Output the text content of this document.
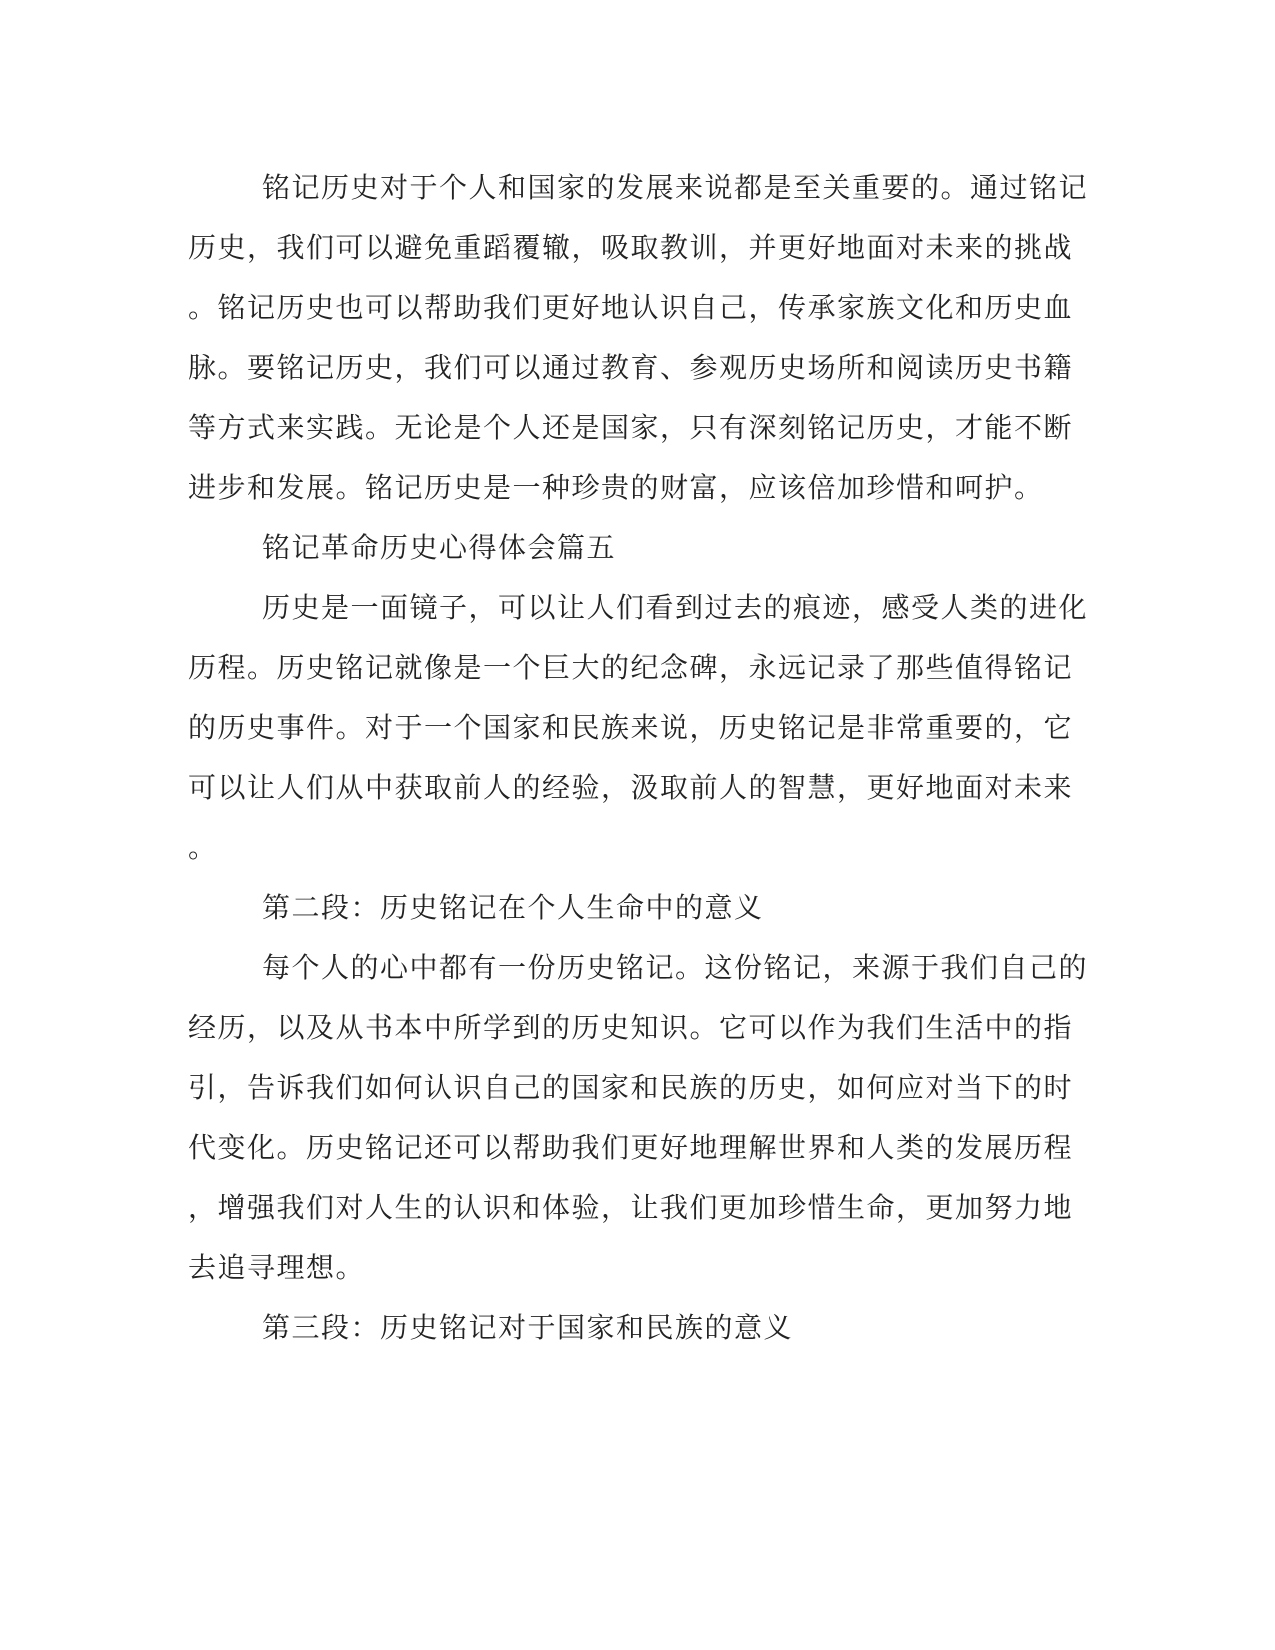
铭记历史对于个人和国家的发展来说都是至关重要的。通过铭记
历史，我们可以避免重蹈覆辙，吸取教训，并更好地面对未来的挑战
。铭记历史也可以帮助我们更好地认识自己，传承家族文化和历史血
脉。要铭记历史，我们可以通过教育、参观历史场所和阅读历史书籍
等方式来实践。无论是个人还是国家，只有深刻铭记历史，才能不断
进步和发展。铭记历史是一种珍贵的财富，应该倍加珍惜和呵护。
铭记革命历史心得体会篇五
历史是一面镜子，可以让人们看到过去的痕迹，感受人类的进化
历程。历史铭记就像是一个巨大的纪念碑，永远记录了那些值得铭记
的历史事件。对于一个国家和民族来说，历史铭记是非常重要的，它
可以让人们从中获取前人的经验，汲取前人的智慧，更好地面对未来
。
第二段：历史铭记在个人生命中的意义
每个人的心中都有一份历史铭记。这份铭记，来源于我们自己的
经历，以及从书本中所学到的历史知识。它可以作为我们生活中的指
引，告诉我们如何认识自己的国家和民族的历史，如何应对当下的时
代变化。历史铭记还可以帮助我们更好地理解世界和人类的发展历程
，增强我们对人生的认识和体验，让我们更加珍惜生命，更加努力地
去追寻理想。
第三段：历史铭记对于国家和民族的意义
